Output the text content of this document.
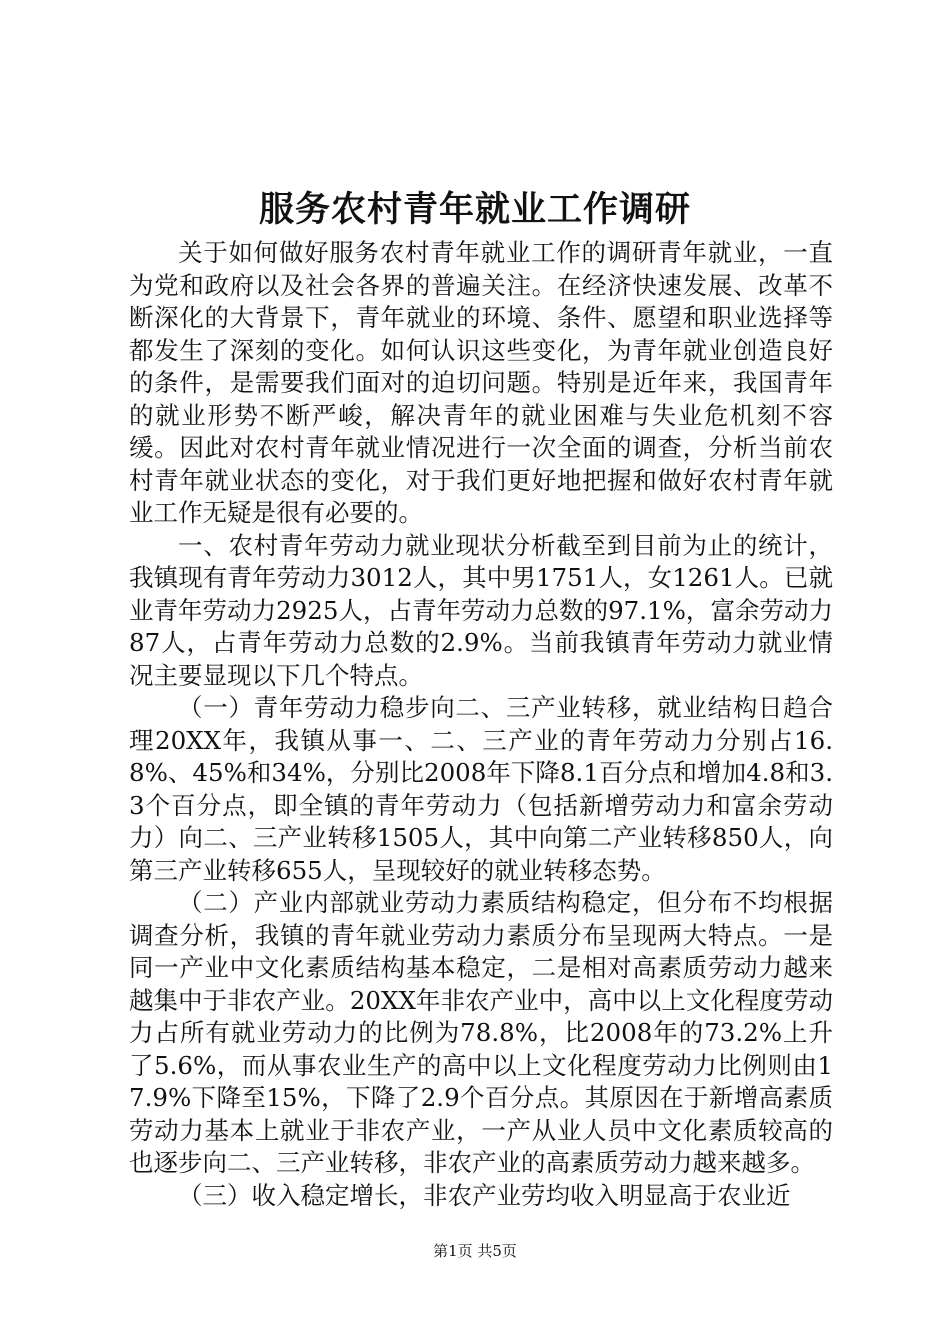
服务农村青年就业工作调研

关于如何做好服务农村青年就业工作的调研青年就业，一直为党和政府以及社会各界的普遍关注。在经济快速发展、改革不断深化的大背景下，青年就业的环境、条件、愿望和职业选择等都发生了深刻的变化。如何认识这些变化，为青年就业创造良好的条件，是需要我们面对的迫切问题。特别是近年来，我国青年的就业形势不断严峻，解决青年的就业困难与失业危机刻不容缓。因此对农村青年就业情况进行一次全面的调查，分析当前农村青年就业状态的变化，对于我们更好地把握和做好农村青年就业工作无疑是很有必要的。

一、农村青年劳动力就业现状分析截至到目前为止的统计，我镇现有青年劳动力3012人，其中男1751人，女1261人。已就业青年劳动力2925人，占青年劳动力总数的97.1%，富余劳动力87人，占青年劳动力总数的2.9%。当前我镇青年劳动力就业情况主要显现以下几个特点。

（一）青年劳动力稳步向二、三产业转移，就业结构日趋合理20XX年，我镇从事一、二、三产业的青年劳动力分别占16.8%、45%和34%，分别比2008年下降8.1百分点和增加4.8和3.3个百分点，即全镇的青年劳动力（包括新增劳动力和富余劳动力）向二、三产业转移1505人，其中向第二产业转移850人，向第三产业转移655人，呈现较好的就业转移态势。

（二）产业内部就业劳动力素质结构稳定，但分布不均根据调查分析，我镇的青年就业劳动力素质分布呈现两大特点。一是同一产业中文化素质结构基本稳定，二是相对高素质劳动力越来越集中于非农产业。20XX年非农产业中，高中以上文化程度劳动力占所有就业劳动力的比例为78.8%，比2008年的73.2%上升了5.6%，而从事农业生产的高中以上文化程度劳动力比例则由17.9%下降至15%，下降了2.9个百分点。其原因在于新增高素质劳动力基本上就业于非农产业，一产从业人员中文化素质较高的也逐步向二、三产业转移，非农产业的高素质劳动力越来越多。

（三）收入稳定增长，非农产业劳均收入明显高于农业近

第1页 共5页
